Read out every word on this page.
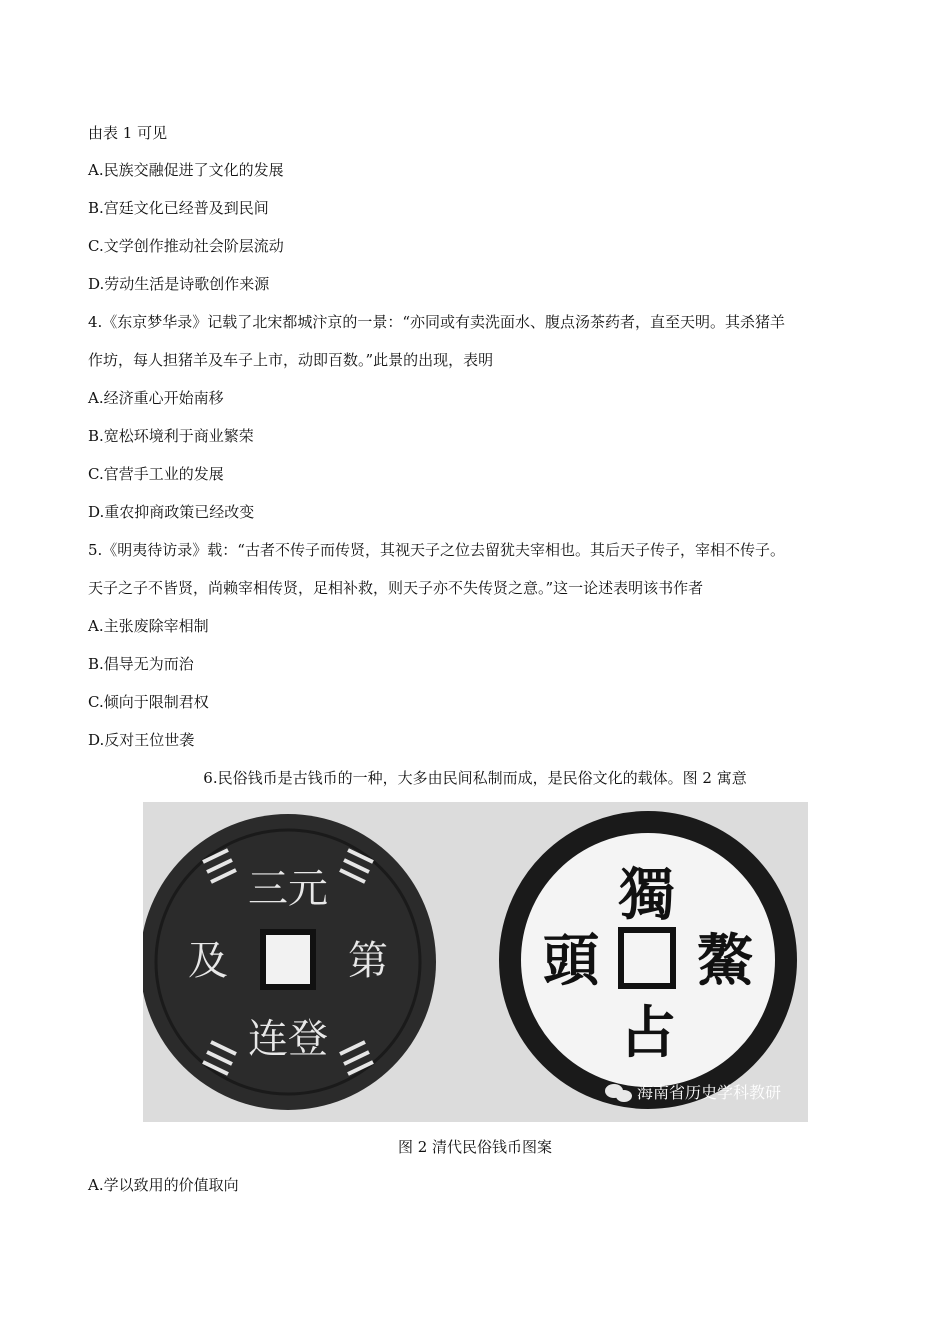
由表 1 可见
A.民族交融促进了文化的发展
B.宫廷文化已经普及到民间
C.文学创作推动社会阶层流动
D.劳动生活是诗歌创作来源
4.《东京梦华录》记载了北宋都城汴京的一景：“亦同或有卖洗面水、腹点汤茶药者，直至天明。其杀猪羊
作坊，每人担猪羊及车子上市，动即百数。”此景的出现，表明
A.经济重心开始南移
B.宽松环境利于商业繁荣
C.官营手工业的发展
D.重农抑商政策已经改变
5.《明夷待访录》载：“古者不传子而传贤，其视天子之位去留犹夫宰相也。其后天子传子，宰相不传子。
天子之子不皆贤，尚赖宰相传贤，足相补救，则天子亦不失传贤之意。”这一论述表明该书作者
A.主张废除宰相制
B.倡导无为而治
C.倾向于限制君权
D.反对王位世袭
6.民俗钱币是古钱币的一种，大多由民间私制而成，是民俗文化的载体。图 2 寓意
三元
及	第
连登
獨
頭 鰲
占
海南省历史学科教研
图 2 清代民俗钱币图案
A.学以致用的价值取向
